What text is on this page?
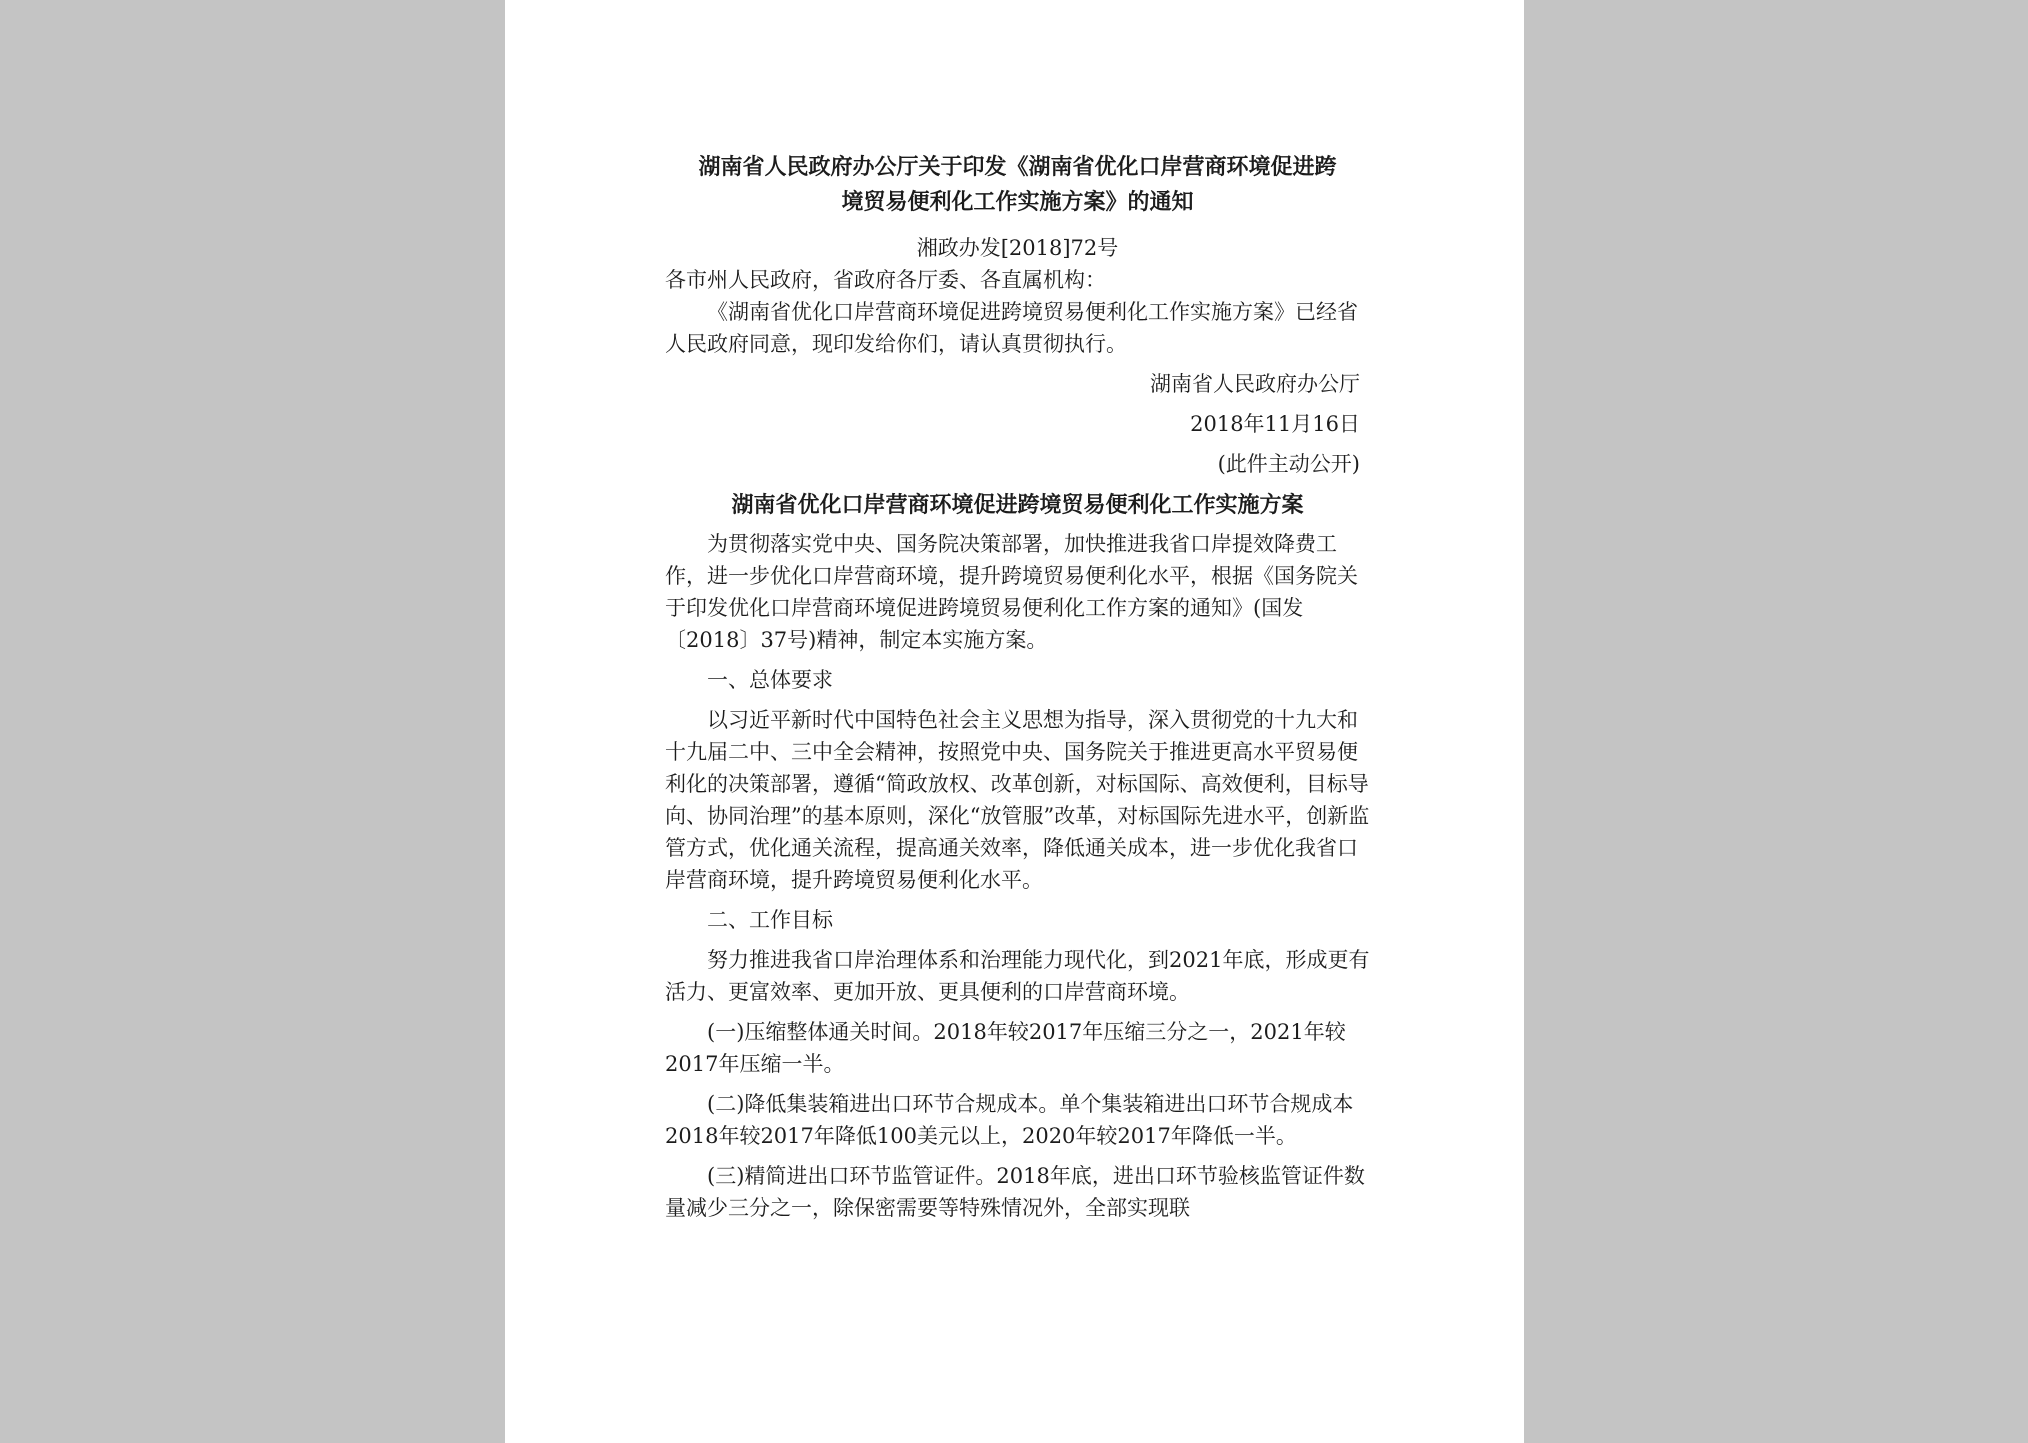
湖南省人民政府办公厅关于印发《湖南省优化口岸营商环境促进跨
境贸易便利化工作实施方案》的通知

湘政办发[2018]72号

各市州人民政府，省政府各厅委、各直属机构：

《湖南省优化口岸营商环境促进跨境贸易便利化工作实施方案》已经省人民政府同意，现印发给你们，请认真贯彻执行。

湖南省人民政府办公厅
2018年11月16日
(此件主动公开)

湖南省优化口岸营商环境促进跨境贸易便利化工作实施方案

为贯彻落实党中央、国务院决策部署，加快推进我省口岸提效降费工作，进一步优化口岸营商环境，提升跨境贸易便利化水平，根据《国务院关于印发优化口岸营商环境促进跨境贸易便利化工作方案的通知》(国发〔2018〕37号)精神，制定本实施方案。

一、总体要求

以习近平新时代中国特色社会主义思想为指导，深入贯彻党的十九大和十九届二中、三中全会精神，按照党中央、国务院关于推进更高水平贸易便利化的决策部署，遵循“简政放权、改革创新，对标国际、高效便利，目标导向、协同治理”的基本原则，深化“放管服”改革，对标国际先进水平，创新监管方式，优化通关流程，提高通关效率，降低通关成本，进一步优化我省口岸营商环境，提升跨境贸易便利化水平。

二、工作目标

努力推进我省口岸治理体系和治理能力现代化，到2021年底，形成更有活力、更富效率、更加开放、更具便利的口岸营商环境。

(一)压缩整体通关时间。2018年较2017年压缩三分之一，2021年较2017年压缩一半。

(二)降低集装箱进出口环节合规成本。单个集装箱进出口环节合规成本2018年较2017年降低100美元以上，2020年较2017年降低一半。

(三)精简进出口环节监管证件。2018年底，进出口环节验核监管证件数量减少三分之一，除保密需要等特殊情况外，全部实现联
